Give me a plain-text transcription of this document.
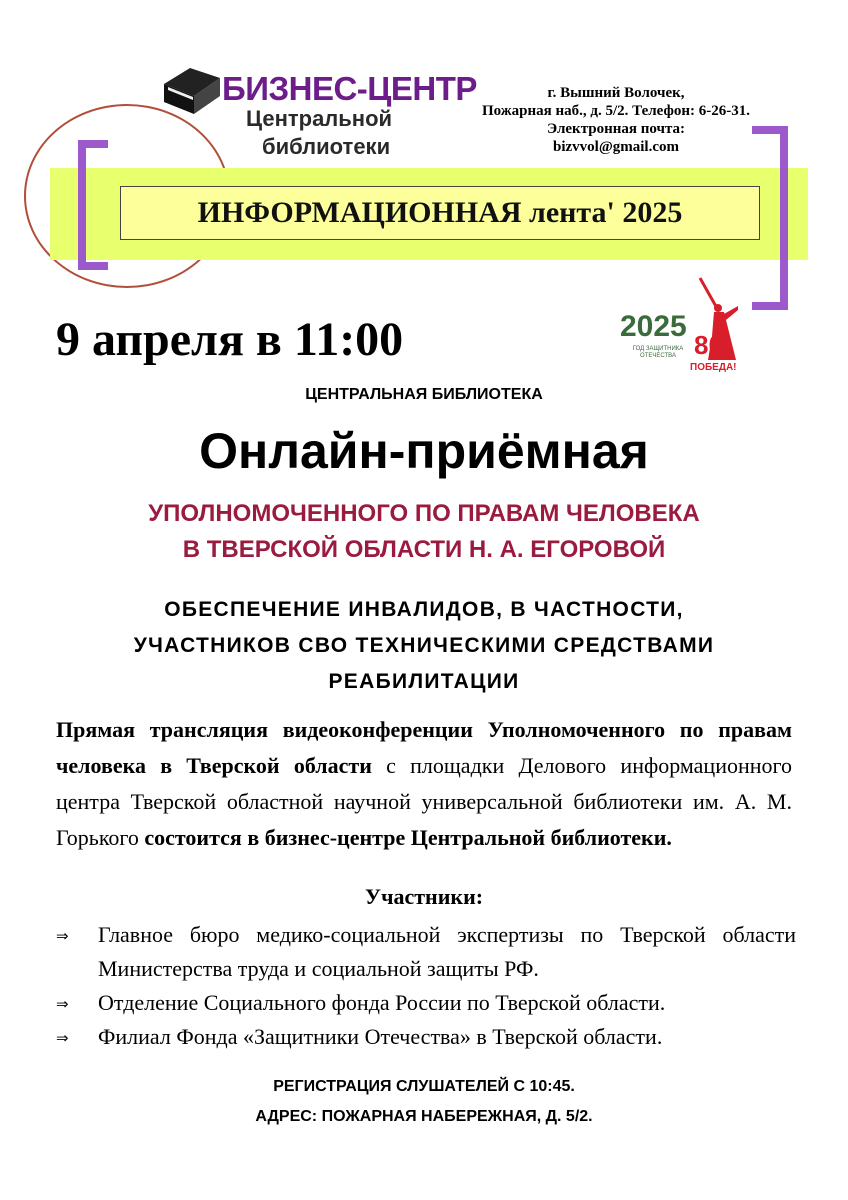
ИНФОРМАЦИОННАЯ лента' 2025
БИЗНЕС-ЦЕНТР
Центральной
библиотеки
г. Вышний Волочек,
Пожарная наб., д. 5/2. Телефон: 6-26-31.
Электронная почта:
bizvvol@gmail.com
9 апреля в 11:00	2025
ГОД ЗАЩИТНИКА ОТЕЧЕСТВА 80
ПОБЕДА!
ЦЕНТРАЛЬНАЯ БИБЛИОТЕКА
Онлайн-приёмная
УПОЛНОМОЧЕННОГО ПО ПРАВАМ ЧЕЛОВЕКА
В ТВЕРСКОЙ ОБЛАСТИ Н. А. ЕГОРОВОЙ
ОБЕСПЕЧЕНИЕ ИНВАЛИДОВ, В ЧАСТНОСТИ,
УЧАСТНИКОВ СВО ТЕХНИЧЕСКИМИ СРЕДСТВАМИ
РЕАБИЛИТАЦИИ
Прямая трансляция видеоконференции Уполномоченного по правам человека в Тверской области с площадки Делового информационного центра Тверской областной научной универсальной библиотеки им. А. М. Горького состоится в бизнес-центре Центральной библиотеки.
Участники:
⇒ Главное бюро медико-социальной экспертизы по Тверской области Министерства труда и социальной защиты РФ.
⇒ Отделение Социального фонда России по Тверской области.
⇒ Филиал Фонда «Защитники Отечества» в Тверской области.
РЕГИСТРАЦИЯ СЛУШАТЕЛЕЙ С 10:45.
АДРЕС: ПОЖАРНАЯ НАБЕРЕЖНАЯ, Д. 5/2.
